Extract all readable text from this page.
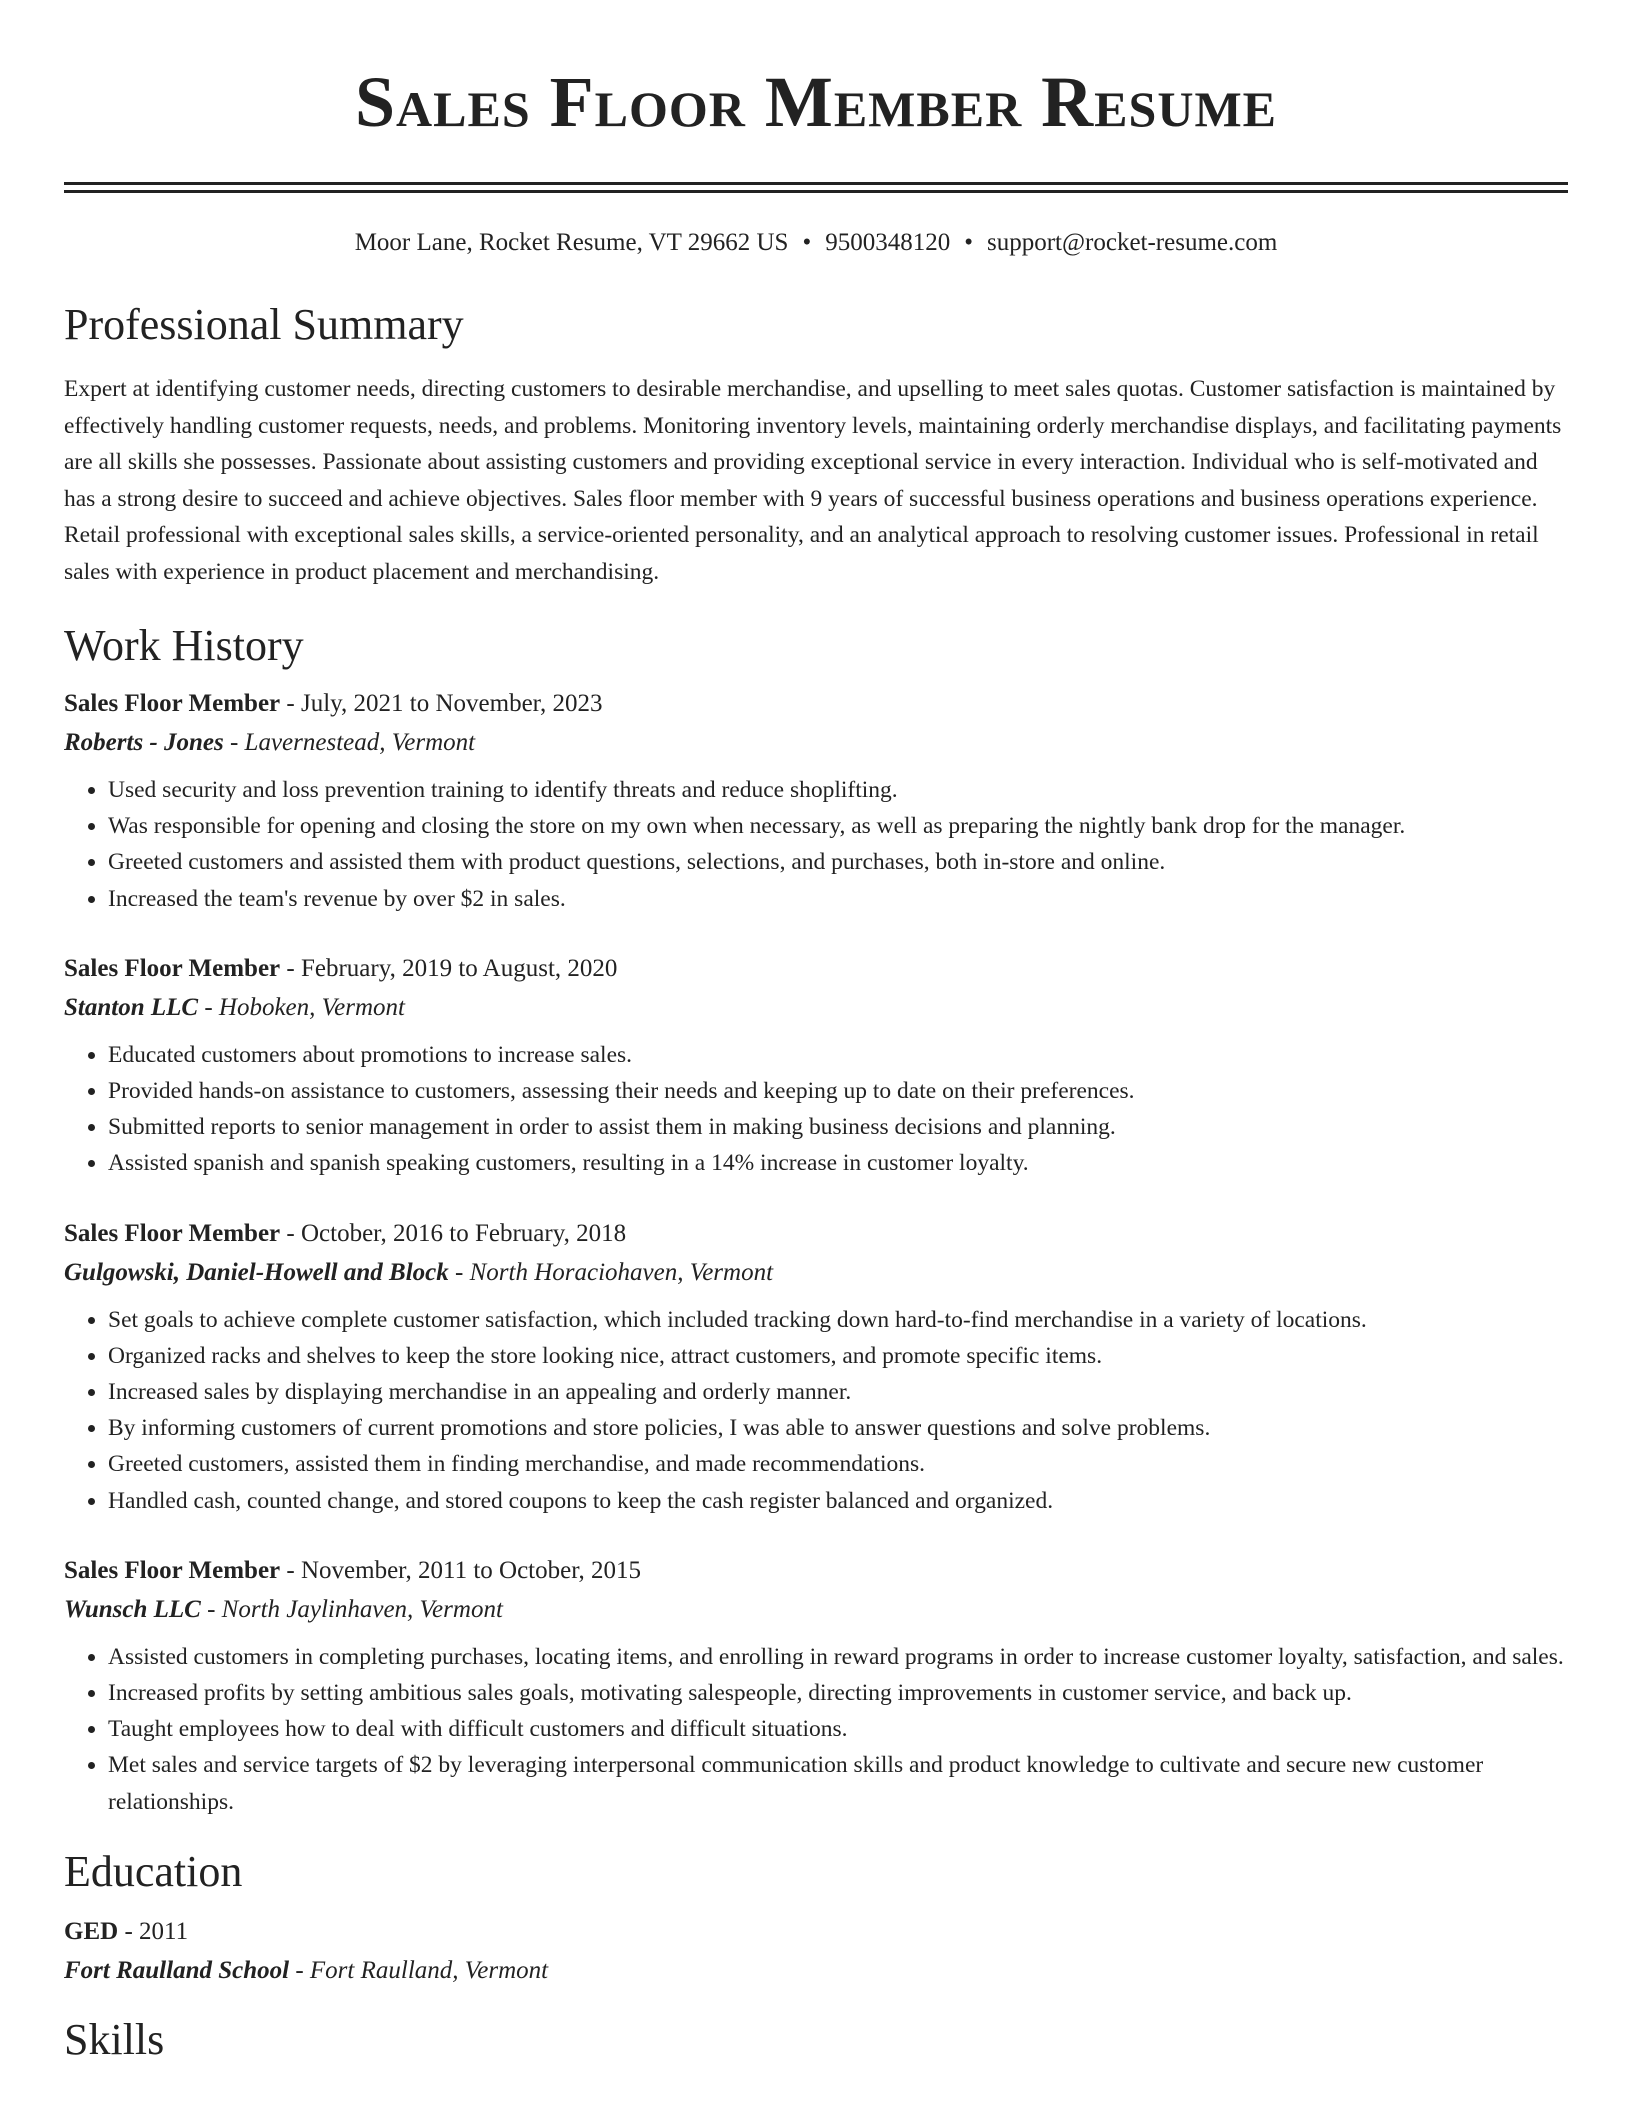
Sales Floor Member Resume
Moor Lane, Rocket Resume, VT 29662 US • 9500348120 • support@rocket-resume.com
Professional Summary

Expert at identifying customer needs, directing customers to desirable merchandise, and upselling to meet sales quotas. Customer satisfaction is maintained by effectively handling customer requests, needs, and problems. Monitoring inventory levels, maintaining orderly merchandise displays, and facilitating payments are all skills she possesses. Passionate about assisting customers and providing exceptional service in every interaction. Individual who is self-motivated and has a strong desire to succeed and achieve objectives. Sales floor member with 9 years of successful business operations and business operations experience. Retail professional with exceptional sales skills, a service-oriented personality, and an analytical approach to resolving customer issues. Professional in retail sales with experience in product placement and merchandising.

Work History
Sales Floor Member - July, 2021 to November, 2023
Roberts - Jones - Lavernestead, Vermont
• Used security and loss prevention training to identify threats and reduce shoplifting.
• Was responsible for opening and closing the store on my own when necessary, as well as preparing the nightly bank drop for the manager.
• Greeted customers and assisted them with product questions, selections, and purchases, both in-store and online.
• Increased the team's revenue by over $2 in sales.
Sales Floor Member - February, 2019 to August, 2020
Stanton LLC - Hoboken, Vermont
• Educated customers about promotions to increase sales.
• Provided hands-on assistance to customers, assessing their needs and keeping up to date on their preferences.
• Submitted reports to senior management in order to assist them in making business decisions and planning.
• Assisted spanish and spanish speaking customers, resulting in a 14% increase in customer loyalty.
Sales Floor Member - October, 2016 to February, 2018
Gulgowski, Daniel-Howell and Block - North Horaciohaven, Vermont
• Set goals to achieve complete customer satisfaction, which included tracking down hard-to-find merchandise in a variety of locations.
• Organized racks and shelves to keep the store looking nice, attract customers, and promote specific items.
• Increased sales by displaying merchandise in an appealing and orderly manner.
• By informing customers of current promotions and store policies, I was able to answer questions and solve problems.
• Greeted customers, assisted them in finding merchandise, and made recommendations.
• Handled cash, counted change, and stored coupons to keep the cash register balanced and organized.
Sales Floor Member - November, 2011 to October, 2015
Wunsch LLC - North Jaylinhaven, Vermont
• Assisted customers in completing purchases, locating items, and enrolling in reward programs in order to increase customer loyalty, satisfaction, and sales.
• Increased profits by setting ambitious sales goals, motivating salespeople, directing improvements in customer service, and back up.
• Taught employees how to deal with difficult customers and difficult situations.
• Met sales and service targets of $2 by leveraging interpersonal communication skills and product knowledge to cultivate and secure new customer relationships.
Education
GED - 2011
Fort Raulland School - Fort Raulland, Vermont
Skills
